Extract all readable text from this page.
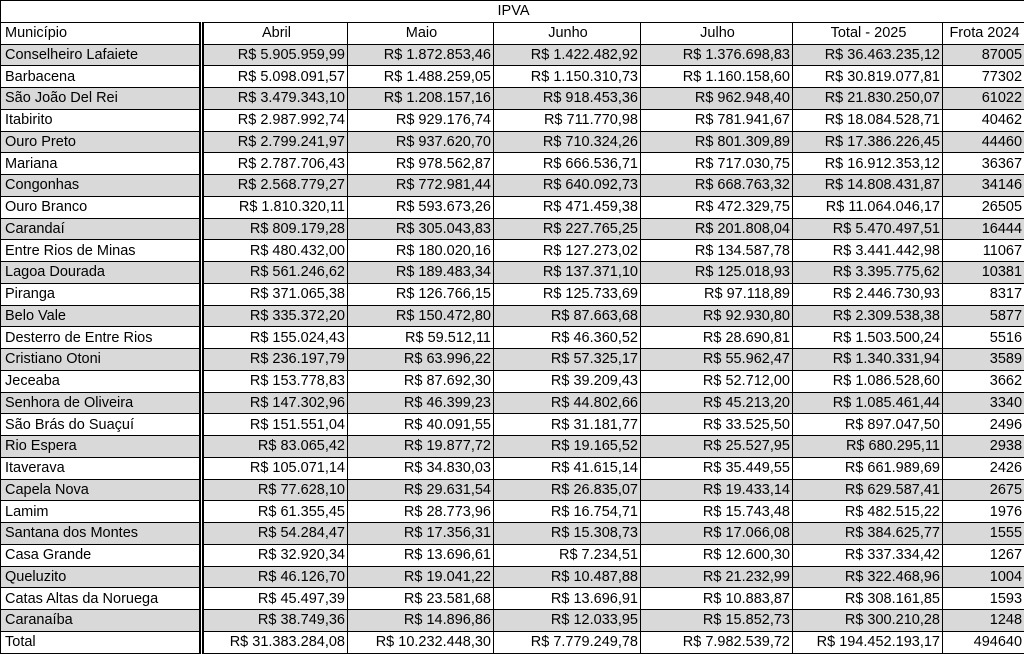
IPVA						
Município	Abril	Maio	Junho	Julho	Total - 2025	Frota 2024
Conselheiro Lafaiete	R$ 5.905.959,99	R$ 1.872.853,46	R$ 1.422.482,92	R$ 1.376.698,83	R$ 36.463.235,12	87005
Barbacena	R$ 5.098.091,57	R$ 1.488.259,05	R$ 1.150.310,73	R$ 1.160.158,60	R$ 30.819.077,81	77302
São João Del Rei	R$ 3.479.343,10	R$ 1.208.157,16	R$ 918.453,36	R$ 962.948,40	R$ 21.830.250,07	61022
Itabirito	R$ 2.987.992,74	R$ 929.176,74	R$ 711.770,98	R$ 781.941,67	R$ 18.084.528,71	40462
Ouro Preto	R$ 2.799.241,97	R$ 937.620,70	R$ 710.324,26	R$ 801.309,89	R$ 17.386.226,45	44460
Mariana	R$ 2.787.706,43	R$ 978.562,87	R$ 666.536,71	R$ 717.030,75	R$ 16.912.353,12	36367
Congonhas	R$ 2.568.779,27	R$ 772.981,44	R$ 640.092,73	R$ 668.763,32	R$ 14.808.431,87	34146
Ouro Branco	R$ 1.810.320,11	R$ 593.673,26	R$ 471.459,38	R$ 472.329,75	R$ 11.064.046,17	26505
Carandaí	R$ 809.179,28	R$ 305.043,83	R$ 227.765,25	R$ 201.808,04	R$ 5.470.497,51	16444
Entre Rios de Minas	R$ 480.432,00	R$ 180.020,16	R$ 127.273,02	R$ 134.587,78	R$ 3.441.442,98	11067
Lagoa Dourada	R$ 561.246,62	R$ 189.483,34	R$ 137.371,10	R$ 125.018,93	R$ 3.395.775,62	10381
Piranga	R$ 371.065,38	R$ 126.766,15	R$ 125.733,69	R$ 97.118,89	R$ 2.446.730,93	8317
Belo Vale	R$ 335.372,20	R$ 150.472,80	R$ 87.663,68	R$ 92.930,80	R$ 2.309.538,38	5877
Desterro de Entre Rios	R$ 155.024,43	R$ 59.512,11	R$ 46.360,52	R$ 28.690,81	R$ 1.503.500,24	5516
Cristiano Otoni	R$ 236.197,79	R$ 63.996,22	R$ 57.325,17	R$ 55.962,47	R$ 1.340.331,94	3589
Jeceaba	R$ 153.778,83	R$ 87.692,30	R$ 39.209,43	R$ 52.712,00	R$ 1.086.528,60	3662
Senhora de Oliveira	R$ 147.302,96	R$ 46.399,23	R$ 44.802,66	R$ 45.213,20	R$ 1.085.461,44	3340
São Brás do Suaçuí	R$ 151.551,04	R$ 40.091,55	R$ 31.181,77	R$ 33.525,50	R$ 897.047,50	2496
Rio Espera	R$ 83.065,42	R$ 19.877,72	R$ 19.165,52	R$ 25.527,95	R$ 680.295,11	2938
Itaverava	R$ 105.071,14	R$ 34.830,03	R$ 41.615,14	R$ 35.449,55	R$ 661.989,69	2426
Capela Nova	R$ 77.628,10	R$ 29.631,54	R$ 26.835,07	R$ 19.433,14	R$ 629.587,41	2675
Lamim	R$ 61.355,45	R$ 28.773,96	R$ 16.754,71	R$ 15.743,48	R$ 482.515,22	1976
Santana dos Montes	R$ 54.284,47	R$ 17.356,31	R$ 15.308,73	R$ 17.066,08	R$ 384.625,77	1555
Casa Grande	R$ 32.920,34	R$ 13.696,61	R$ 7.234,51	R$ 12.600,30	R$ 337.334,42	1267
Queluzito	R$ 46.126,70	R$ 19.041,22	R$ 10.487,88	R$ 21.232,99	R$ 322.468,96	1004
Catas Altas da Noruega	R$ 45.497,39	R$ 23.581,68	R$ 13.696,91	R$ 10.883,87	R$ 308.161,85	1593
Caranaíba	R$ 38.749,36	R$ 14.896,86	R$ 12.033,95	R$ 15.852,73	R$ 300.210,28	1248
Total	R$ 31.383.284,08	R$ 10.232.448,30	R$ 7.779.249,78	R$ 7.982.539,72	R$ 194.452.193,17	494640
